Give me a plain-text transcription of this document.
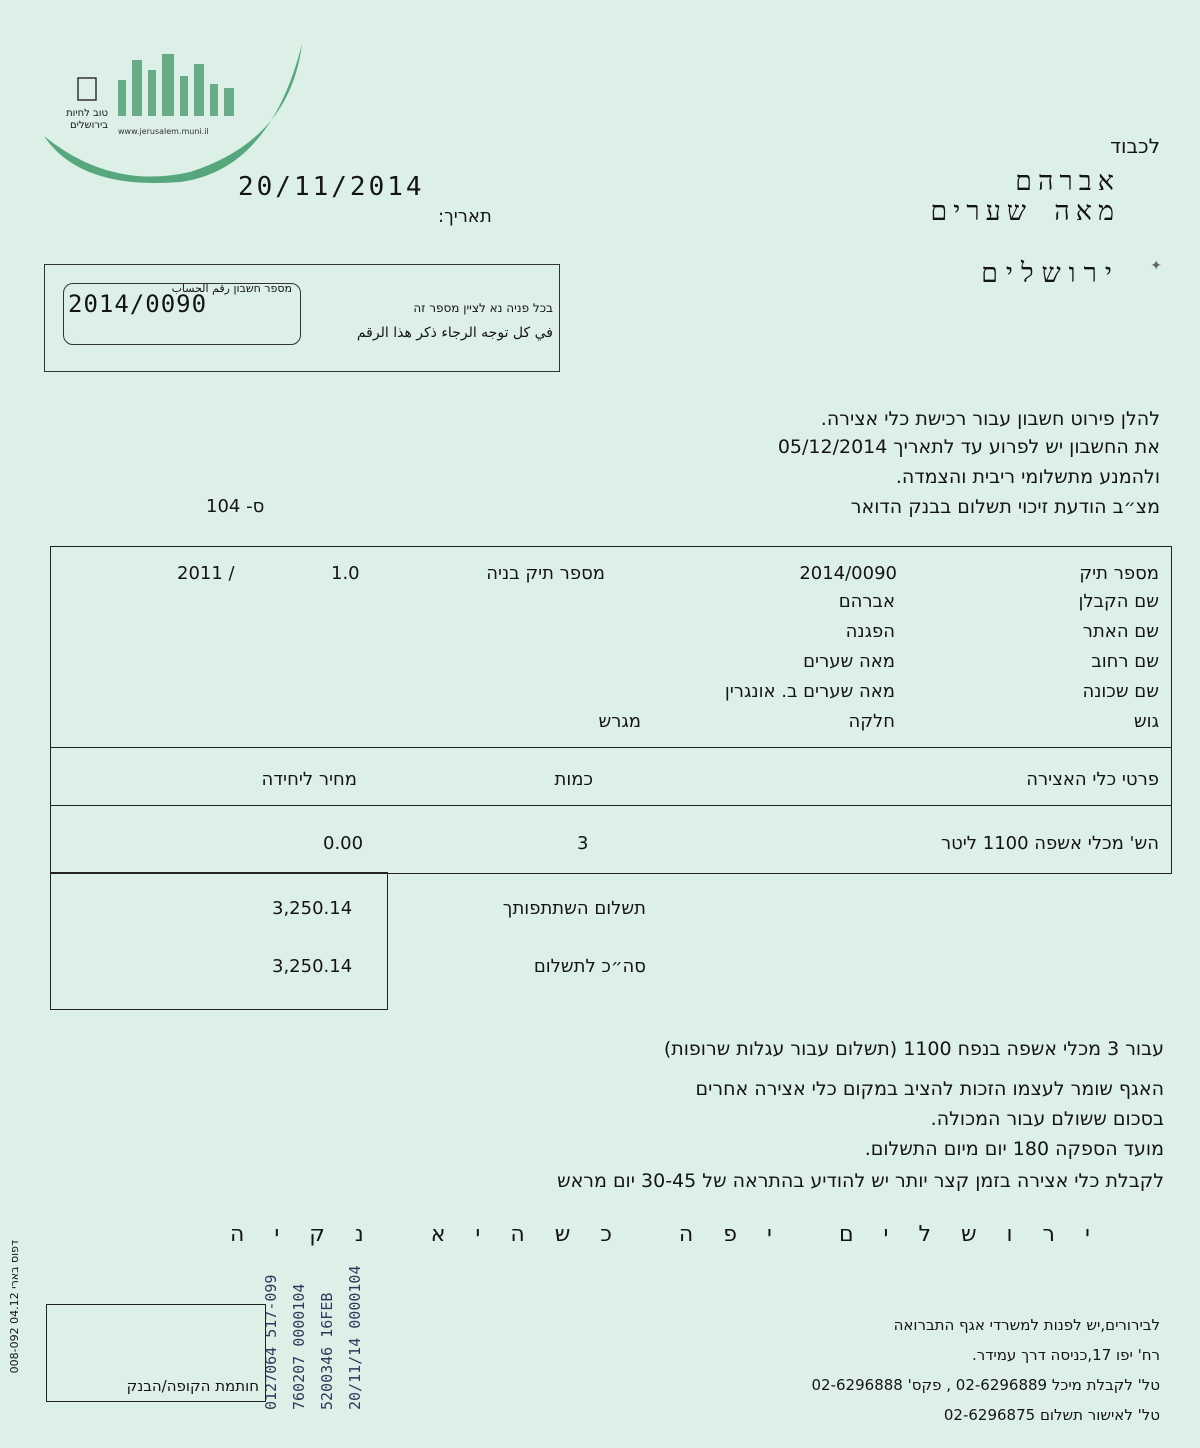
www.jerusalem.muni.il
טוב לחיות בירושלים
20/11/2014
תאריך:
לכבוד
אברהם
מאה שערים
ירושלים ✦
מספר חשבון رقم الحساب
בכל פניה נא לציין מספר זה
في كل توجه الرجاء ذكر هذا الرقم
2014/0090
להלן פירוט חשבון עבור רכישת כלי אצירה.
את החשבון יש לפרוע עד לתאריך 05/12/2014
ולהמנע מתשלומי ריבית והצמדה.
מצ״ב הודעת זיכוי תשלום בבנק הדואר
ס- 104
מספר תיק
2014/0090
מספר תיק בניה
1.0
2011 /
שם הקבלן
אברהם
שם האתר
הפגנה
שם רחוב
מאה שערים
שם שכונה
מאה שערים ב. אונגרין
גוש
חלקה
מגרש
פרטי כלי האצירה
כמות
מחיר ליחידה
הש' מכלי אשפה 1100 ליטר
3
0.00
3,250.14	תשלום השתתפותך
3,250.14	סה״כ לתשלום
עבור 3 מכלי אשפה בנפח 1100 (תשלום עבור עגלות שרופות)
האגף שומר לעצמו הזכות להציב במקום כלי אצירה אחרים
בסכום ששולם עבור המכולה.
מועד הספקה 180 יום מיום התשלום.
לקבלת כלי אצירה בזמן קצר יותר יש להודיע בהתראה של 30-45 יום מראש
ירושלים יפה כשהיא נקיה
0127064 517-099 760207 0000104 5200346 16FEB 20/11/14 0000104
חותמת הקופה/הבנק
008-092 דפוס בארי 04.12
לבירורים,יש לפנות למשרדי אגף התברואה
רח' יפו 17,כניסה דרך עמידר.
טל' לקבלת מיכל 02-6296889 , פקס' 02-6296888
טל' לאישור תשלום 02-6296875
